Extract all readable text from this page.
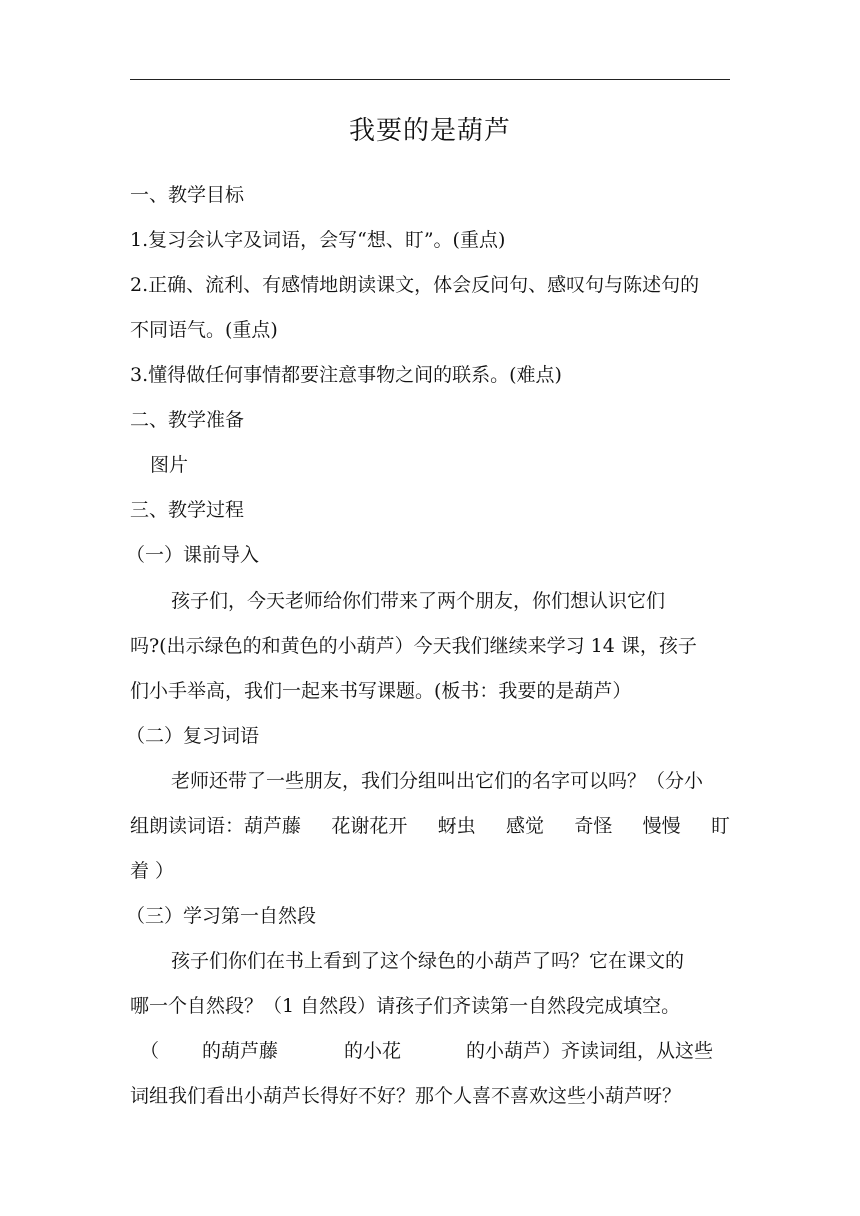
我要的是葫芦
一、教学目标
1.复习会认字及词语，会写“想、盯”。(重点)
2.正确、流利、有感情地朗读课文，体会反问句、感叹句与陈述句的
不同语气。(重点)
3.懂得做任何事情都要注意事物之间的联系。(难点)
二、教学准备
图片
三、教学过程
（一）课前导入
孩子们，今天老师给你们带来了两个朋友，你们想认识它们
吗?(出示绿色的和黄色的小葫芦）今天我们继续来学习 14 课，孩子
们小手举高，我们一起来书写课题。(板书：我要的是葫芦）
（二）复习词语
老师还带了一些朋友，我们分组叫出它们的名字可以吗？（分小
组朗读词语：葫芦藤 花谢花开 蚜虫 感觉 奇怪 慢慢 盯
着 ）
（三）学习第一自然段
孩子们你们在书上看到了这个绿色的小葫芦了吗？它在课文的
哪一个自然段？（1 自然段）请孩子们齐读第一自然段完成填空。
（ 的葫芦藤	的小花	的小葫芦）齐读词组，从这些
词组我们看出小葫芦长得好不好？那个人喜不喜欢这些小葫芦呀？
